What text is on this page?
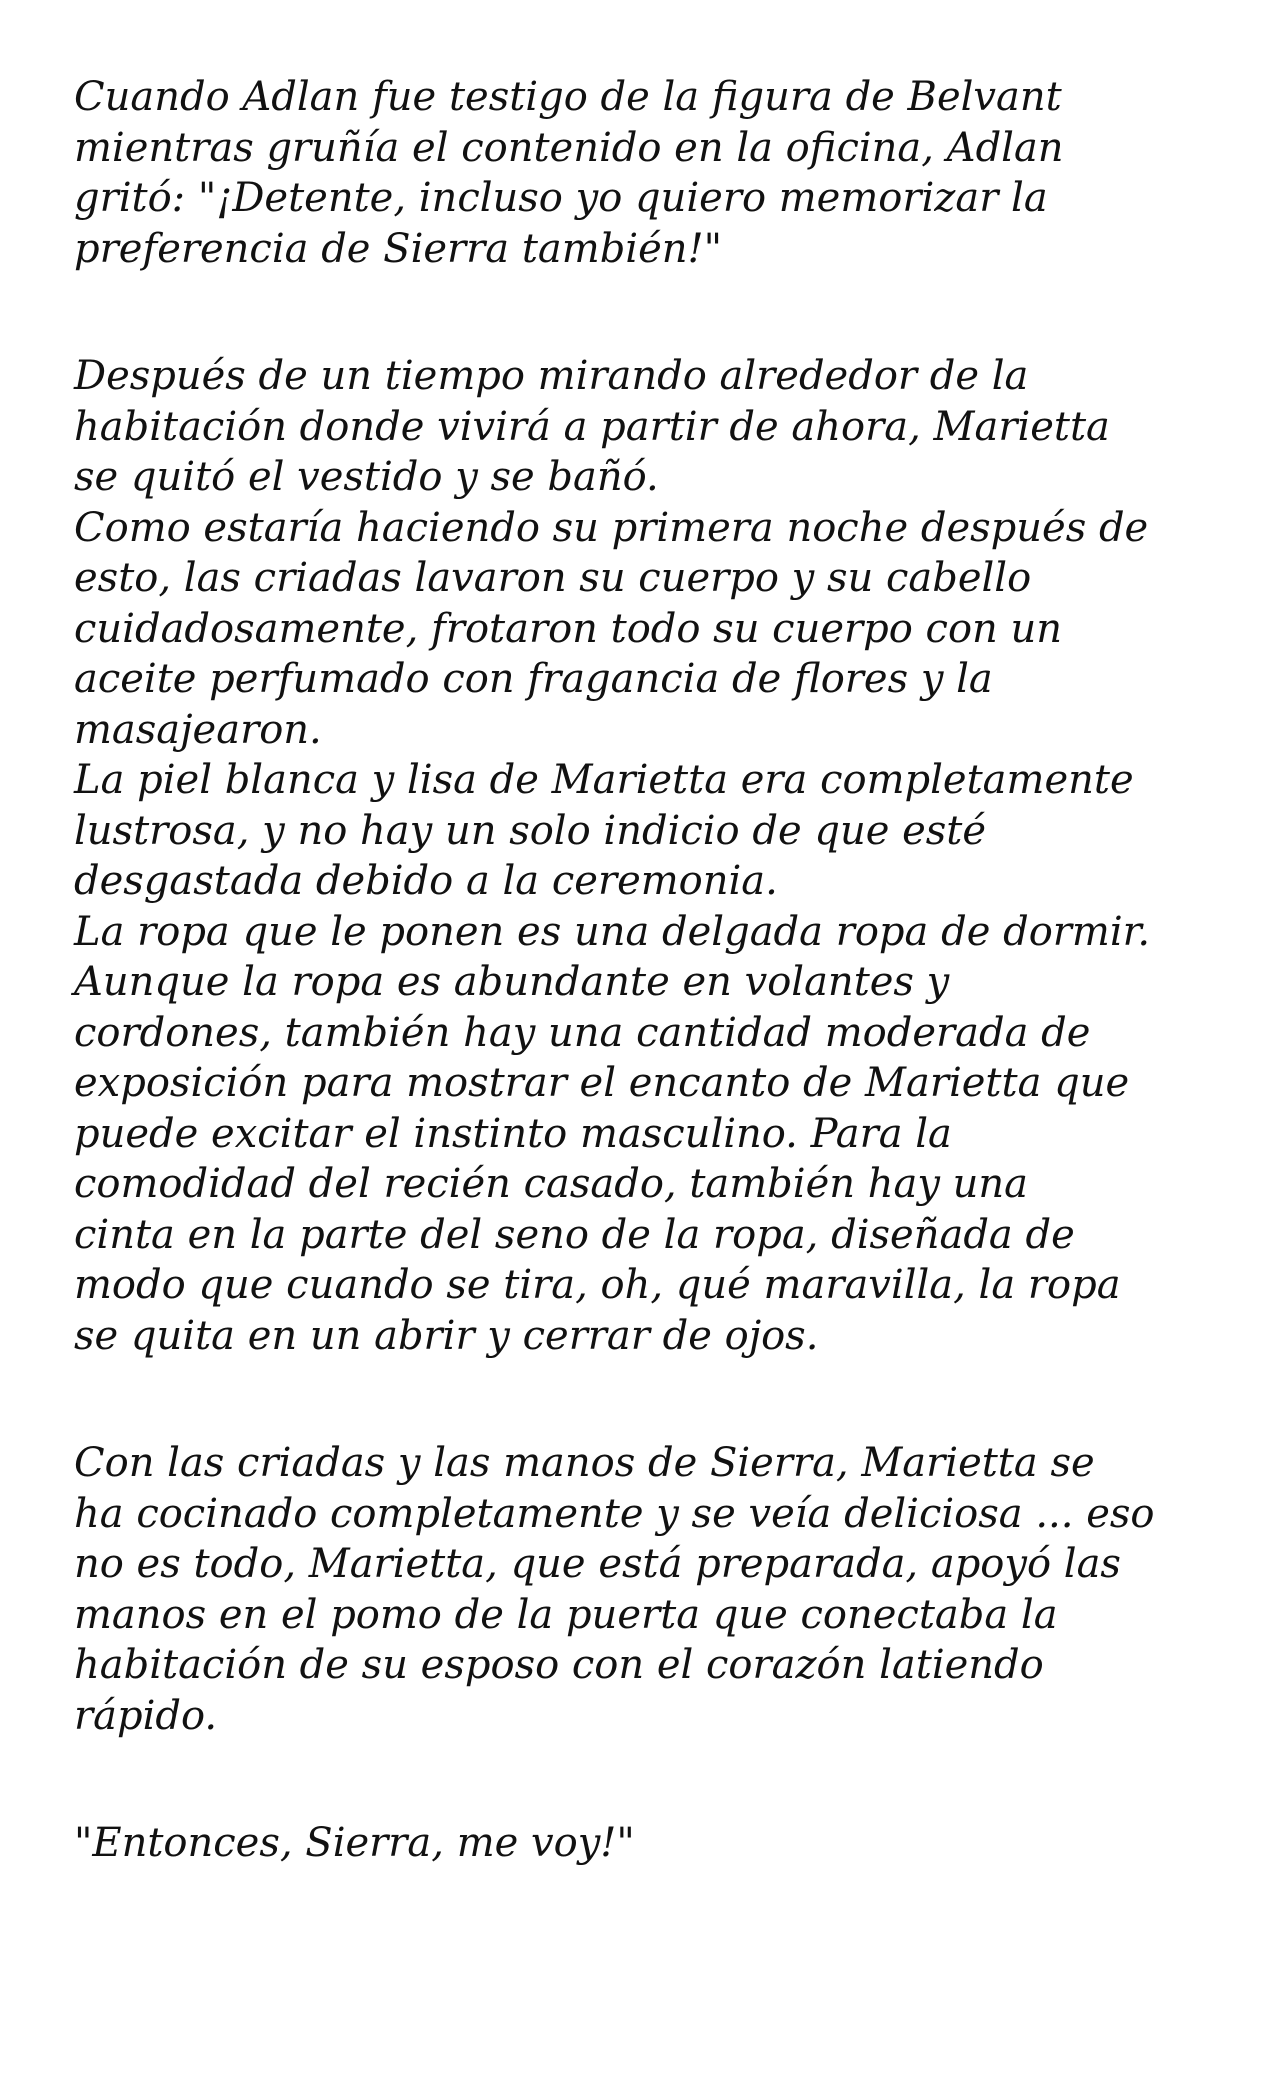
Cuando Adlan fue testigo de la figura de Belvant
mientras gruñía el contenido en la oficina, Adlan
gritó: "¡Detente, incluso yo quiero memorizar la
preferencia de Sierra también!"

Después de un tiempo mirando alrededor de la
habitación donde vivirá a partir de ahora, Marietta
se quitó el vestido y se bañó.
Como estaría haciendo su primera noche después de
esto, las criadas lavaron su cuerpo y su cabello
cuidadosamente, frotaron todo su cuerpo con un
aceite perfumado con fragancia de flores y la
masajearon.
La piel blanca y lisa de Marietta era completamente
lustrosa, y no hay un solo indicio de que esté
desgastada debido a la ceremonia.
La ropa que le ponen es una delgada ropa de dormir.
Aunque la ropa es abundante en volantes y
cordones, también hay una cantidad moderada de
exposición para mostrar el encanto de Marietta que
puede excitar el instinto masculino. Para la
comodidad del recién casado, también hay una
cinta en la parte del seno de la ropa, diseñada de
modo que cuando se tira, oh, qué maravilla, la ropa
se quita en un abrir y cerrar de ojos.

Con las criadas y las manos de Sierra, Marietta se
ha cocinado completamente y se veía deliciosa ... eso
no es todo, Marietta, que está preparada, apoyó las
manos en el pomo de la puerta que conectaba la
habitación de su esposo con el corazón latiendo
rápido.

"Entonces, Sierra, me voy!"
